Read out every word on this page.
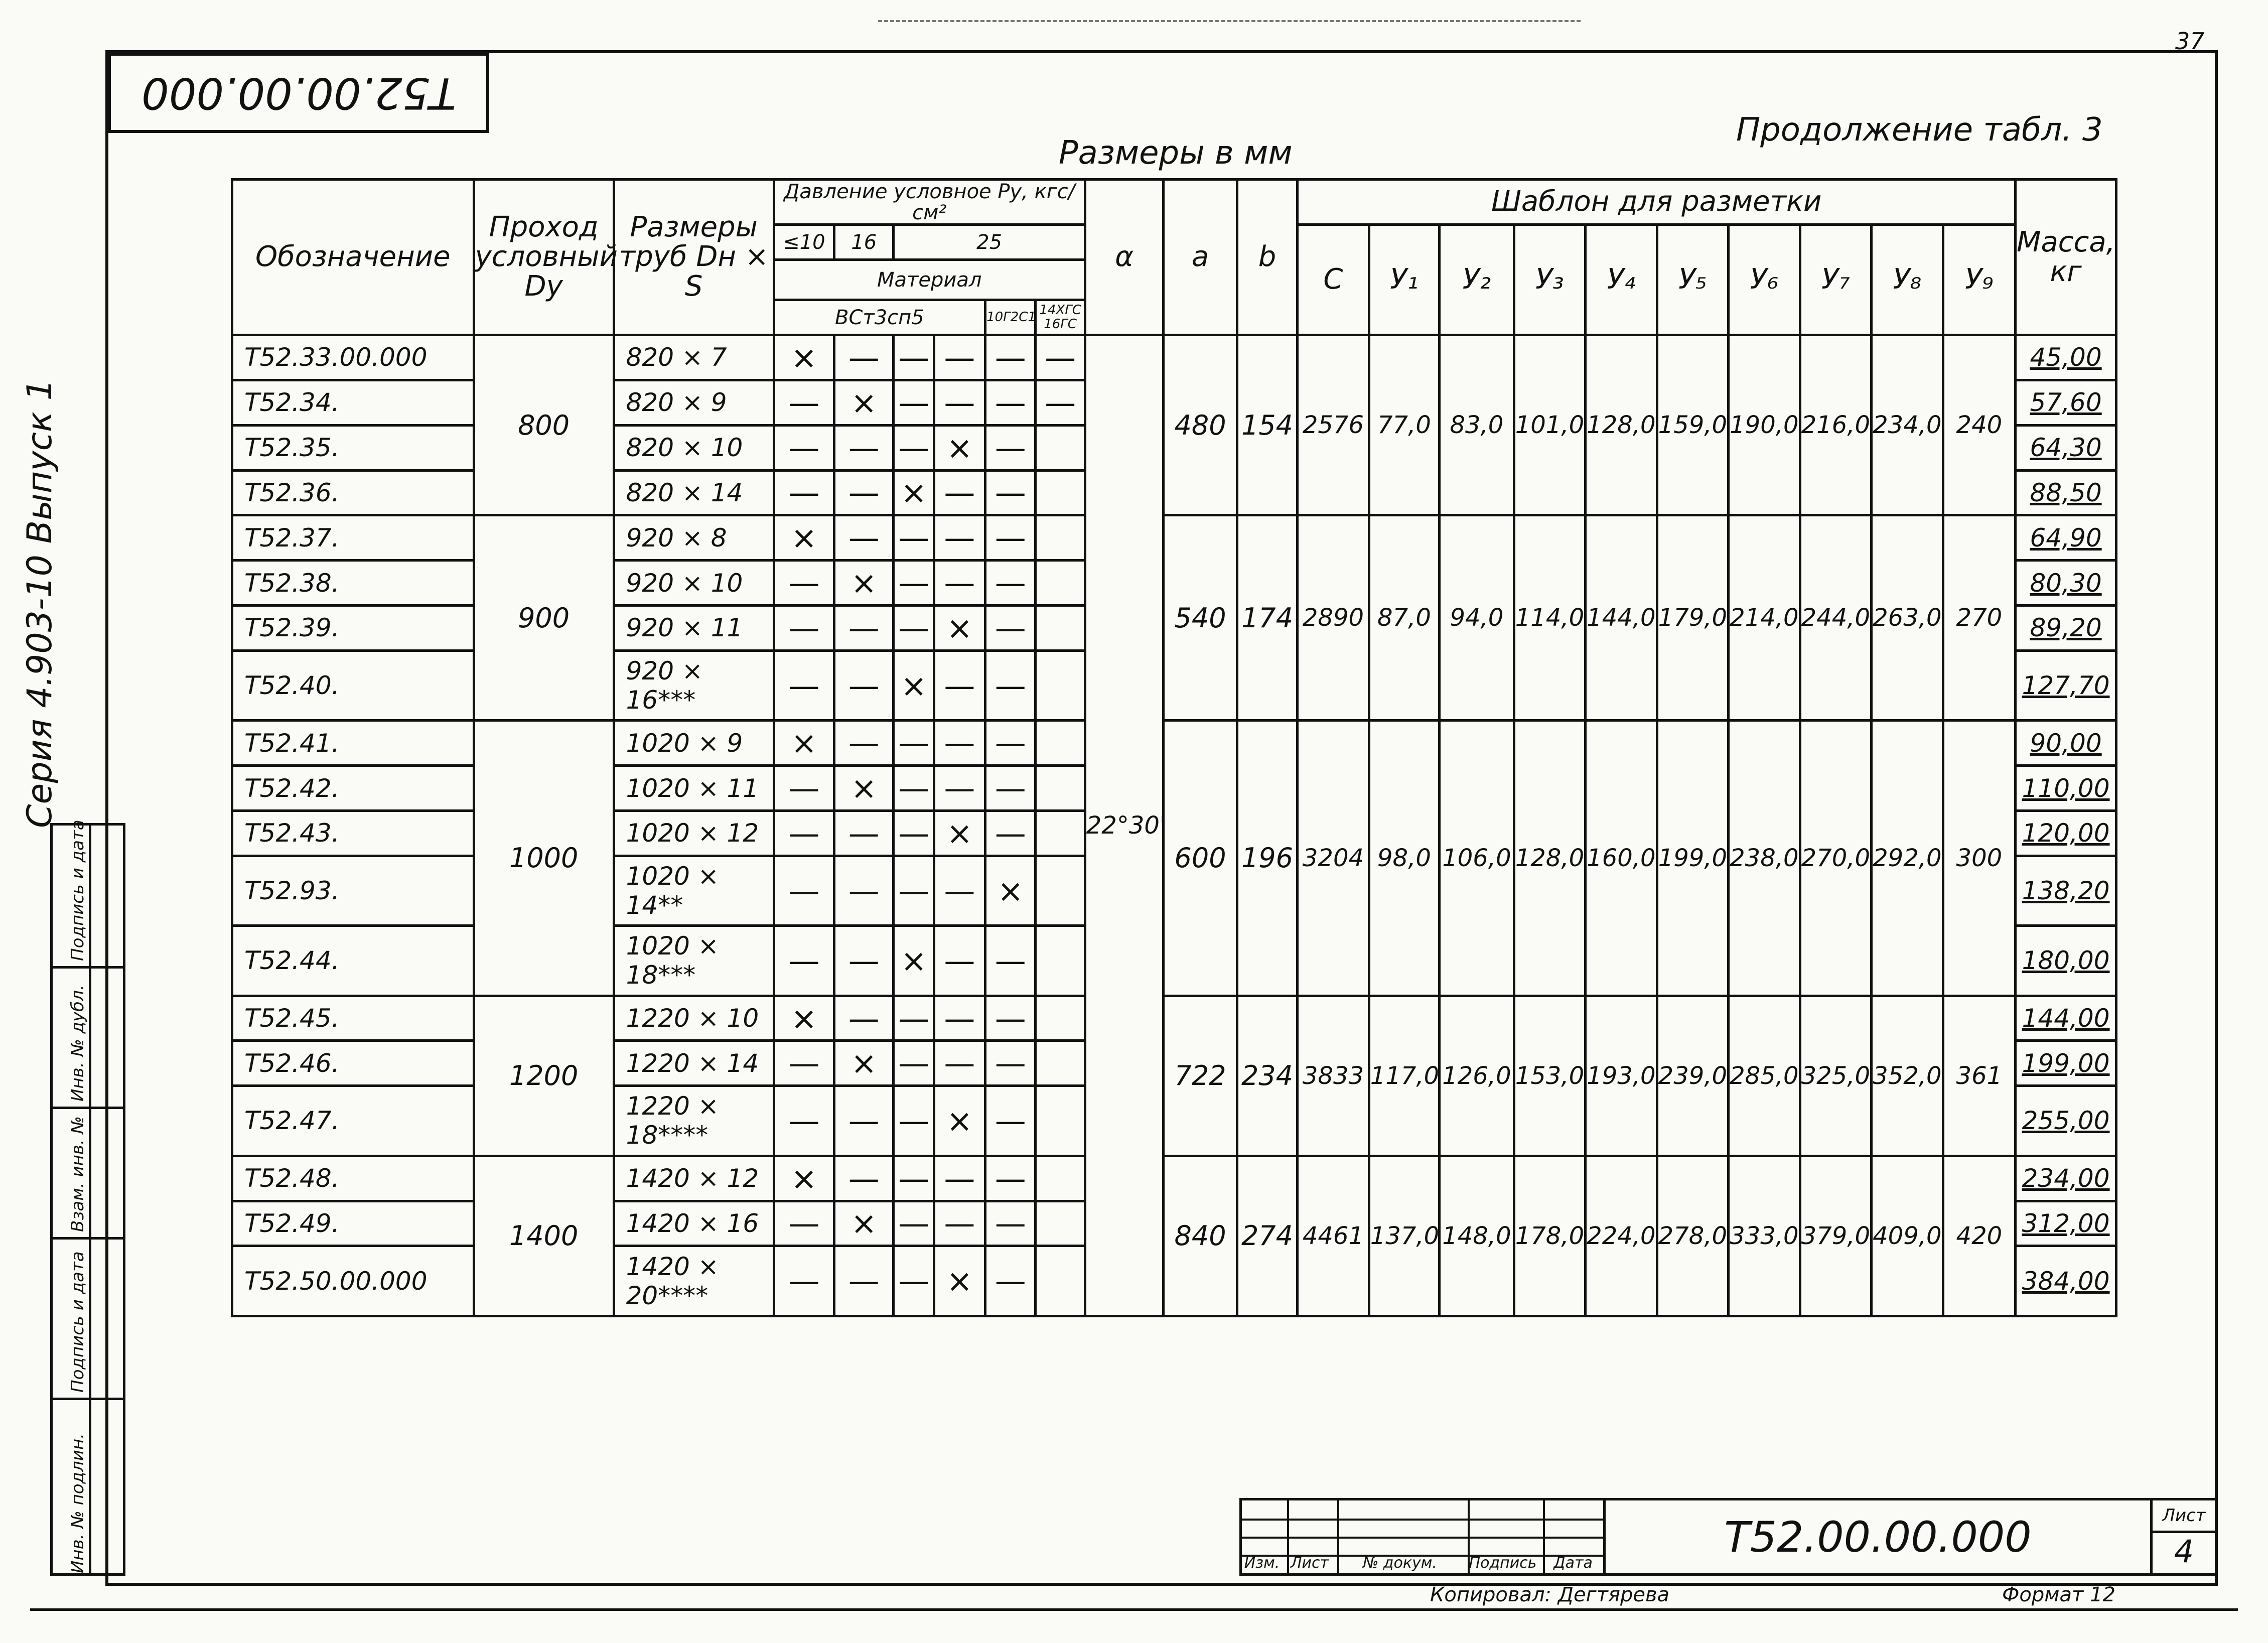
37
Т52.00.00.000
Серия 4.903-10 Выпуск 1
Инв. № подлин.
Подпись и дата
Взам. инв. №
Инв. № дубл.
Подпись и дата
Размеры в мм
Продолжение табл. 3
Обозначение	Проход условный Dy	Размеры труб Dн × S	Давление условное Ру, кгс/см²						α	a	b	Шаблон для разметки										Масса, кг
			≤10	16	25							C	У₁	У₂	У₃	У₄	У₅	У₆	У₇	У₈	У₉	
			Материал																			
			ВСт3сп5				10Г2С1	14ХГС 16ГС														
Т52.33.00.000	800	820 × 7	×	—	—	—	—	—	22°30'	480	154	2576	77,0	83,0	101,0	128,0	159,0	190,0	216,0	234,0	240	45,00
Т52.34.		820 × 9	—	×	—	—	—	—														57,60
Т52.35.		820 × 10	—	—	—	×	—															64,30
Т52.36.		820 × 14	—	—	×	—	—															88,50
Т52.37.	900	920 × 8	×	—	—	—	—			540	174	2890	87,0	94,0	114,0	144,0	179,0	214,0	244,0	263,0	270	64,90
Т52.38.		920 × 10	—	×	—	—	—															80,30
Т52.39.		920 × 11	—	—	—	×	—															89,20
Т52.40.		920 × 16***	—	—	×	—	—															127,70
Т52.41.	1000	1020 × 9	×	—	—	—	—			600	196	3204	98,0	106,0	128,0	160,0	199,0	238,0	270,0	292,0	300	90,00
Т52.42.		1020 × 11	—	×	—	—	—															110,00
Т52.43.		1020 × 12	—	—	—	×	—															120,00
Т52.93.		1020 × 14**	—	—	—	—	×															138,20
Т52.44.		1020 × 18***	—	—	×	—	—															180,00
Т52.45.	1200	1220 × 10	×	—	—	—	—			722	234	3833	117,0	126,0	153,0	193,0	239,0	285,0	325,0	352,0	361	144,00
Т52.46.		1220 × 14	—	×	—	—	—															199,00
Т52.47.		1220 × 18****	—	—	—	×	—															255,00
Т52.48.	1400	1420 × 12	×	—	—	—	—			840	274	4461	137,0	148,0	178,0	224,0	278,0	333,0	379,0	409,0	420	234,00
Т52.49.		1420 × 16	—	×	—	—	—															312,00
Т52.50.00.000		1420 × 20****	—	—	—	×	—															384,00
Изм. Лист	№ докум.	Подпись	Дата
Т52.00.00.000	Лист
4
Копировал: Дегтярева	Формат 12
